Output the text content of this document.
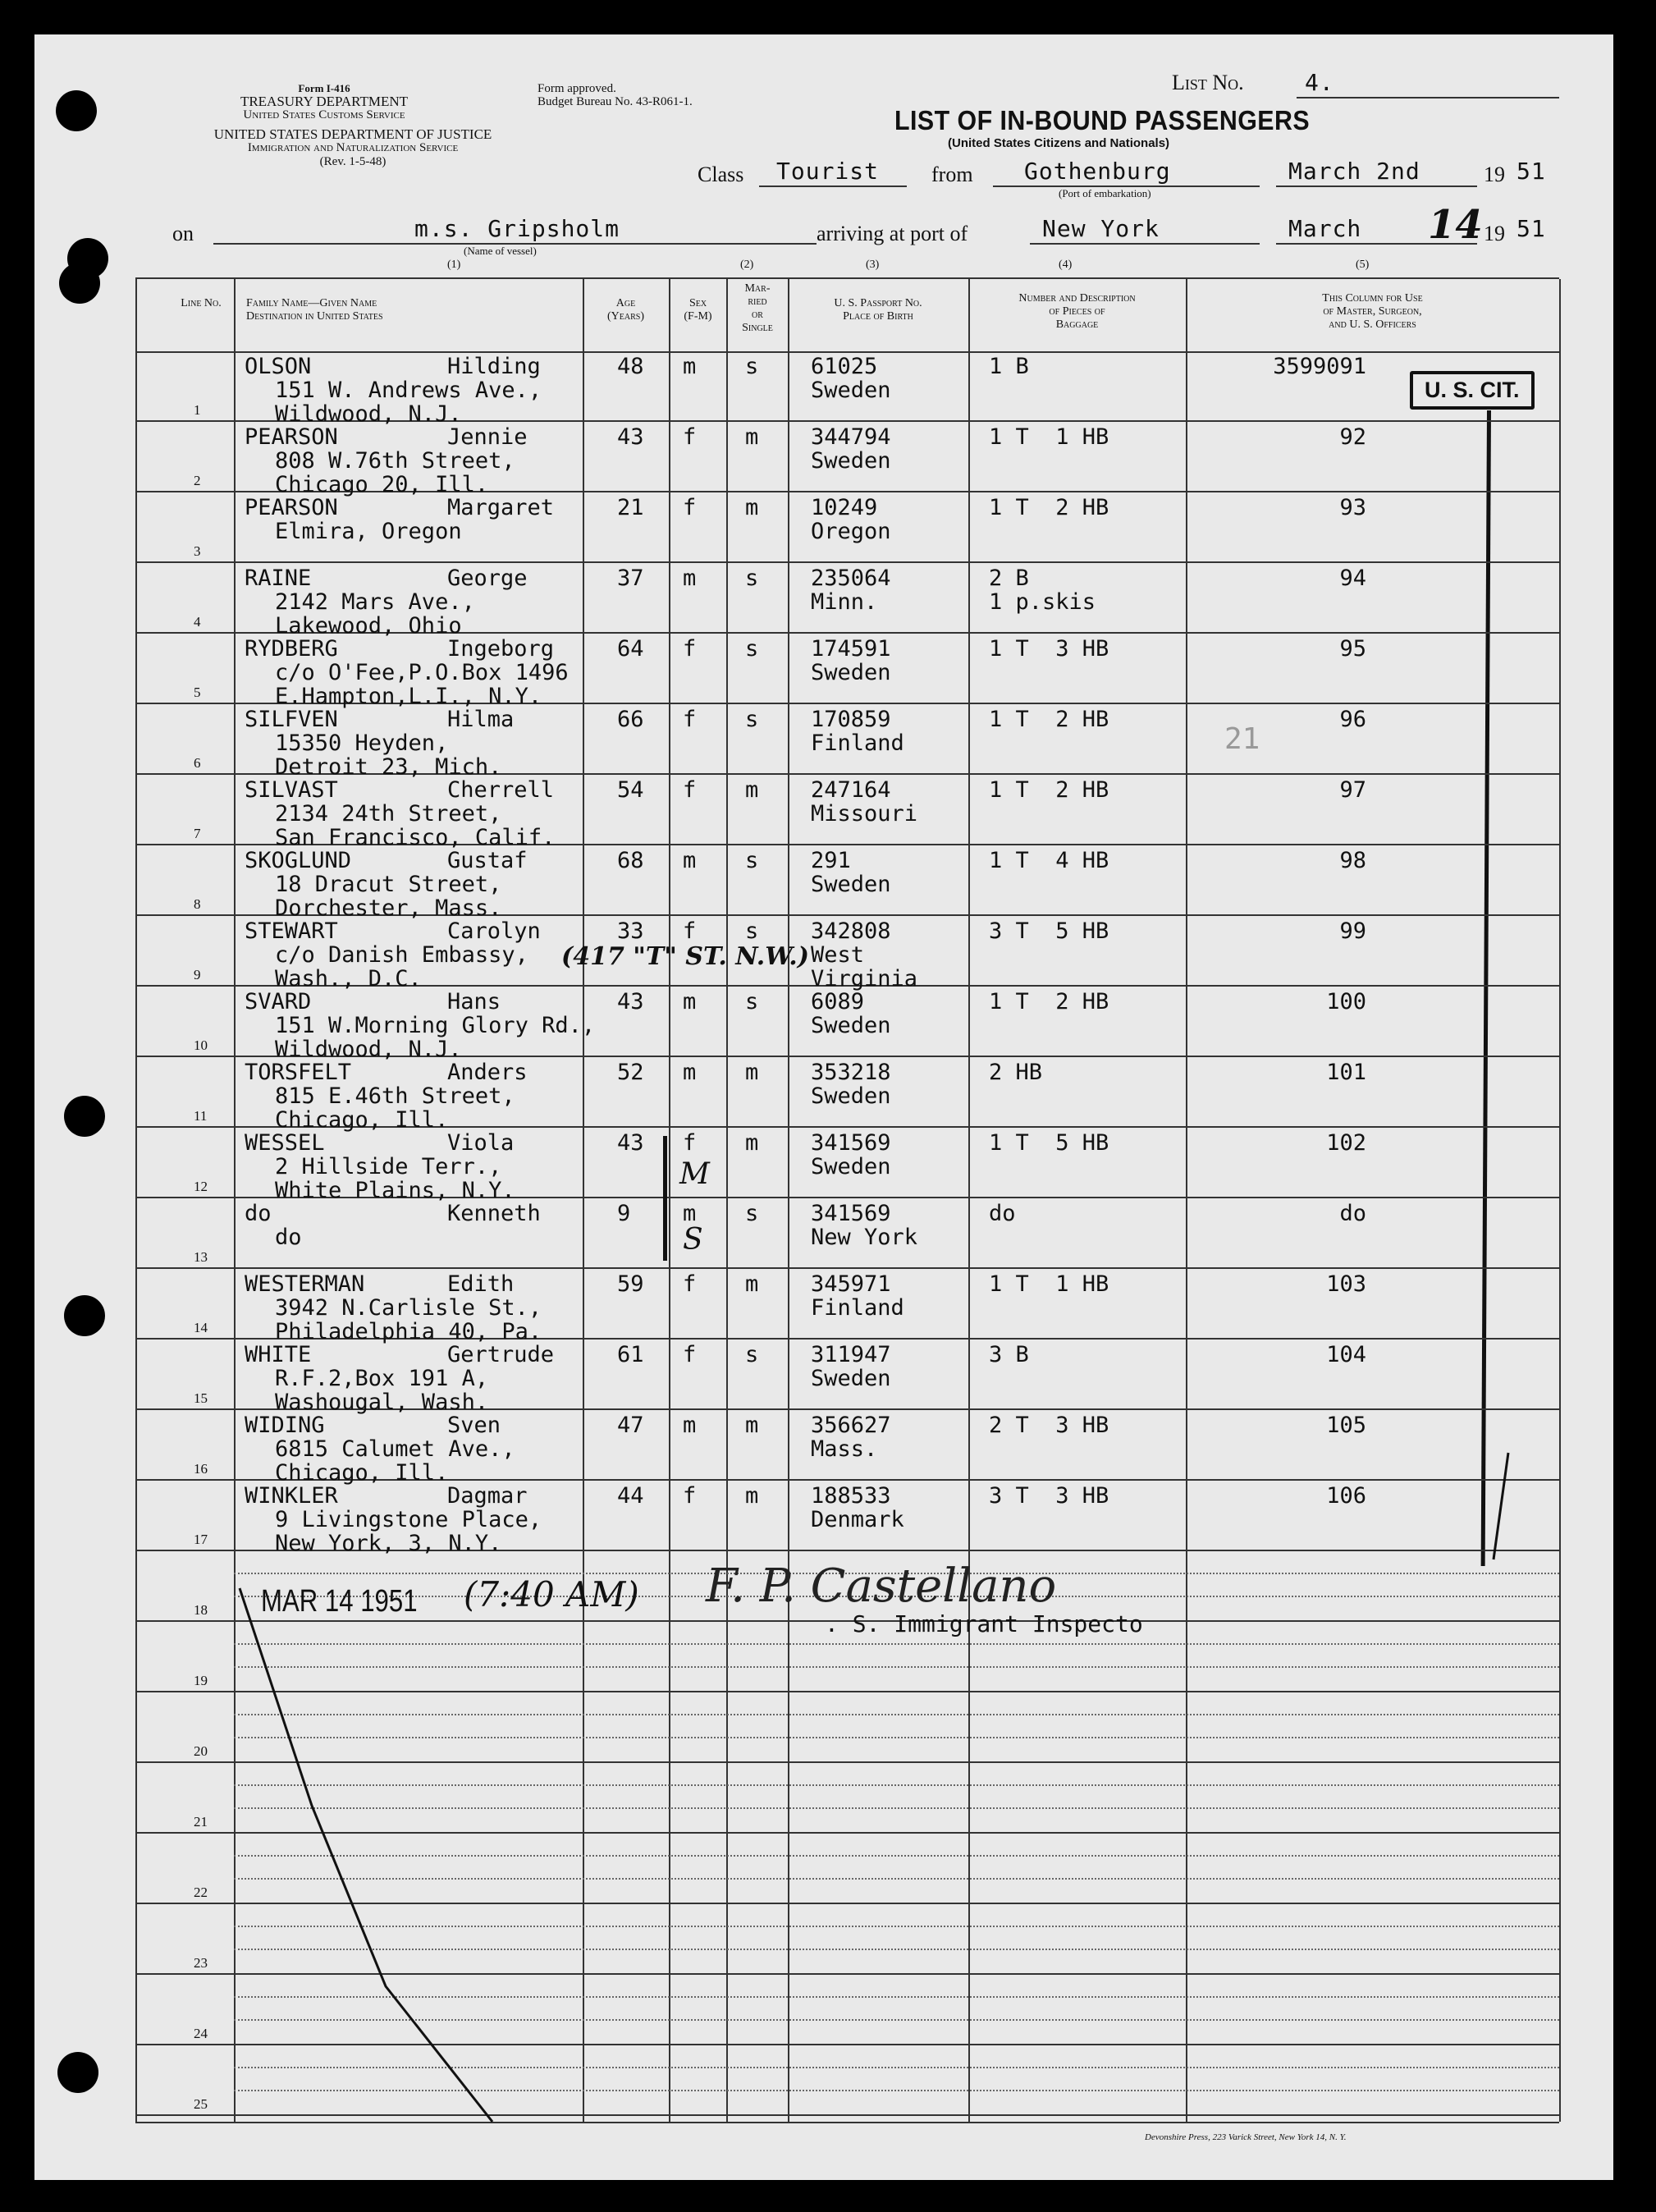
Form I-416
TREASURY DEPARTMENT
United States Customs Service
UNITED STATES DEPARTMENT OF JUSTICE
Immigration and Naturalization Service
(Rev. 1-5-48)
Form approved.
Budget Bureau No. 43-R061-1.
List No.	4.
LIST OF IN-BOUND PASSENGERS
(United States Citizens and Nationals)
Class Tourist from Gothenburg
(Port of embarkation)
March 2nd	19 51
on	m.s. Gripsholm
(Name of vessel)
arriving at port of	New York	March 14 19 51
(1)	(2)	(3)	(4)	(5)
Line No.	Family Name—Given Name
Destination in United States
Age
(Years)
Sex
(F-M)
Mar-
ried
or
Single
U. S. Passport No.
Place of Birth
Number and Description
of Pieces of
Baggage
This Column for Use
of Master, Surgeon,
and U. S. Officers
U. S. CIT.
1
OLSON	Hilding
151 W. Andrews Ave.,
Wildwood, N.J.
48 m s 61025
Sweden
1 B	3599091
2
PEARSON	Jennie
808 W.76th Street,
Chicago 20, Ill.
43 f m 344794
Sweden
1 T  1 HB	92
3
PEARSON	Margaret
Elmira, Oregon
21 f m 10249
Oregon
1 T  2 HB	93
4
RAINE	George
2142 Mars Ave.,
Lakewood, Ohio
37 m s 235064
Minn.
2 B
1 p.skis
94
5
RYDBERG	Ingeborg
c/o O'Fee,P.O.Box 1496
E.Hampton,L.I., N.Y.
64 f s 174591
Sweden
1 T  3 HB	95
6
SILFVEN	Hilma
15350 Heyden,
Detroit 23, Mich.
66 f s 170859
Finland
1 T  2 HB	96
7
SILVAST	Cherrell
2134 24th Street,
San Francisco, Calif.
54 f m 247164
Missouri
1 T  2 HB	97
8
SKOGLUND	Gustaf
18 Dracut Street,
Dorchester, Mass.
68 m s 291
Sweden
1 T  4 HB	98
9
STEWART	Carolyn
c/o Danish Embassy,
Wash., D.C.
33 f s 342808
West Virginia
3 T  5 HB	99
10
SVARD	Hans
151 W.Morning Glory Rd.,
Wildwood, N.J.
43 m s 6089
Sweden
1 T  2 HB	100
11
TORSFELT	Anders
815 E.46th Street,
Chicago, Ill.
52 m m 353218
Sweden
2 HB	101
12
WESSEL	Viola
2 Hillside Terr.,
White Plains, N.Y.
43 f m 341569
Sweden
1 T  5 HB	102
13
do	Kenneth
do
9 m s 341569
New York
do	do
14
WESTERMAN	Edith
3942 N.Carlisle St.,
Philadelphia 40, Pa.
59 f m 345971
Finland
1 T  1 HB	103
15
WHITE	Gertrude
R.F.2,Box 191 A,
Washougal, Wash.
61 f s 311947
Sweden
3 B	104
16
WIDING	Sven
6815 Calumet Ave.,
Chicago, Ill.
47 m m 356627
Mass.
2 T  3 HB	105
17
WINKLER	Dagmar
9 Livingstone Place,
New York, 3, N.Y.
44 f m 188533
Denmark
3 T  3 HB	106
18
19
20
21
22
23
24
25
(417 "T" ST. N.W.)
21
M
S
MAR 14 1951 (7:40 AM) F. P. Castellano
. S. Immigrant Inspecto
Devonshire Press, 223 Varick Street, New York 14, N. Y.
